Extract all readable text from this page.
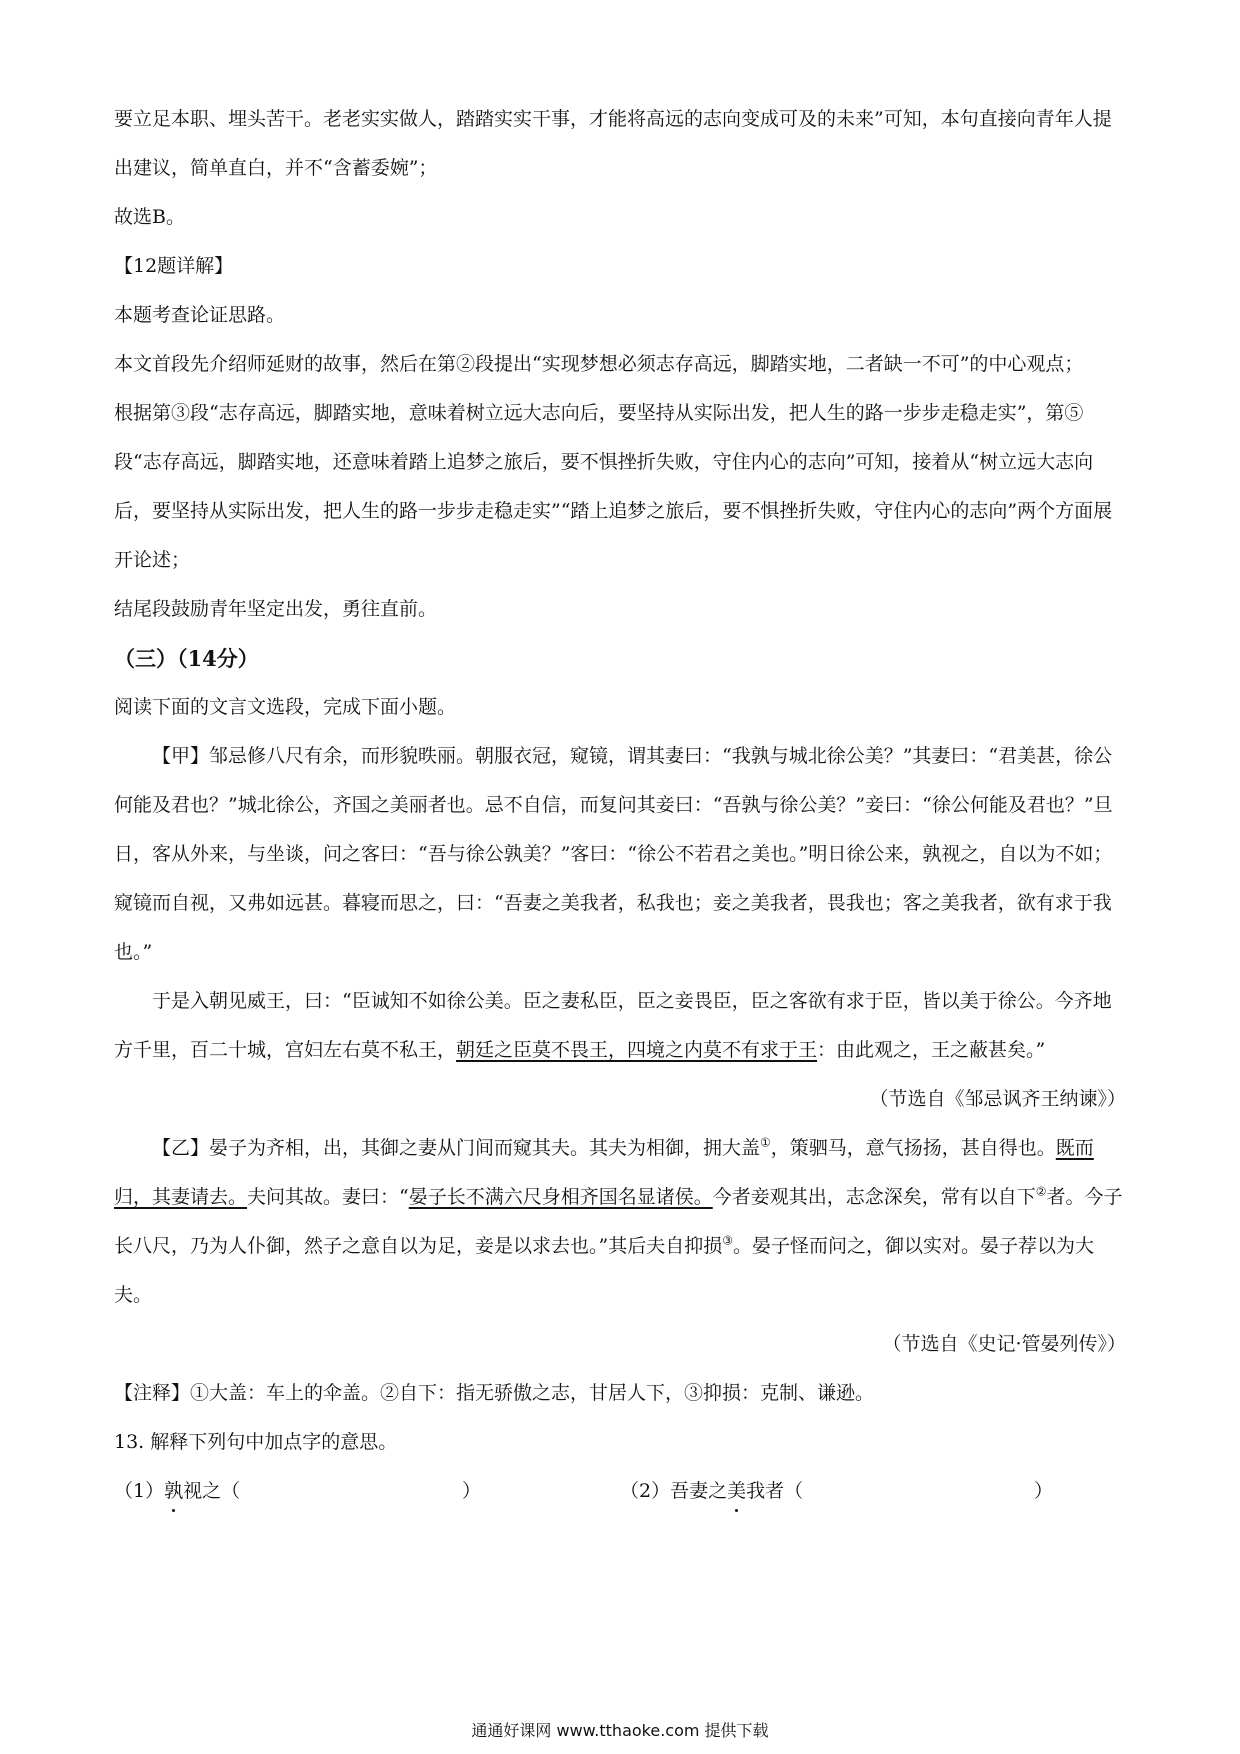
要立足本职、埋头苦干。老老实实做人，踏踏实实干事，才能将高远的志向变成可及的未来”可知，本句直接向青年人提出建议，简单直白，并不“含蓄委婉”；

故选B。

【12题详解】

本题考查论证思路。

本文首段先介绍师延财的故事，然后在第②段提出“实现梦想必须志存高远，脚踏实地，二者缺一不可”的中心观点；

根据第③段“志存高远，脚踏实地，意味着树立远大志向后，要坚持从实际出发，把人生的路一步步走稳走实”，第⑤段“志存高远，脚踏实地，还意味着踏上追梦之旅后，要不惧挫折失败，守住内心的志向”可知，接着从“树立远大志向后，要坚持从实际出发，把人生的路一步步走稳走实”“踏上追梦之旅后，要不惧挫折失败，守住内心的志向”两个方面展开论述；

结尾段鼓励青年坚定出发，勇往直前。

（三）（14分）

阅读下面的文言文选段，完成下面小题。

【甲】邹忌修八尺有余，而形貌昳丽。朝服衣冠，窥镜，谓其妻曰：“我孰与城北徐公美？”其妻曰：“君美甚，徐公何能及君也？”城北徐公，齐国之美丽者也。忌不自信，而复问其妾曰：“吾孰与徐公美？”妾曰：“徐公何能及君也？”旦日，客从外来，与坐谈，问之客曰：“吾与徐公孰美？”客曰：“徐公不若君之美也。”明日徐公来，孰视之，自以为不如；窥镜而自视，又弗如远甚。暮寝而思之，曰：“吾妻之美我者，私我也；妾之美我者，畏我也；客之美我者，欲有求于我也。”

于是入朝见威王，曰：“臣诚知不如徐公美。臣之妻私臣，臣之妾畏臣，臣之客欲有求于臣，皆以美于徐公。今齐地方千里，百二十城，宫妇左右莫不私王，朝廷之臣莫不畏王，四境之内莫不有求于王：由此观之，王之蔽甚矣。”

（节选自《邹忌讽齐王纳谏》）

【乙】晏子为齐相，出，其御之妻从门间而窥其夫。其夫为相御，拥大盖①，策驷马，意气扬扬，甚自得也。既而归，其妻请去。夫问其故。妻曰：“晏子长不满六尺身相齐国名显诸侯。今者妾观其出，志念深矣，常有以自下②者。今子长八尺，乃为人仆御，然子之意自以为足，妾是以求去也。”其后夫自抑损③。晏子怪而问之，御以实对。晏子荐以为大夫。

（节选自《史记·管晏列传》）

【注释】①大盖：车上的伞盖。②自下：指无骄傲之志，甘居人下，③抑损：克制、谦逊。

13. 解释下列句中加点字的意思。

（1）孰视之（	）	（2）吾妻之美我者（	）
通通好课网 www.tthaoke.com 提供下载
